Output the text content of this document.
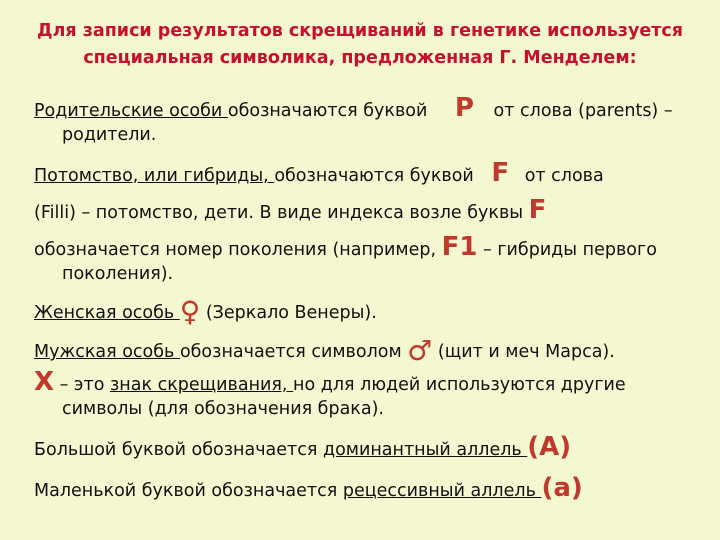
Для записи результатов скрещиваний в генетике используется
специальная символика, предложенная Г. Менделем:
Родительские особи обозначаются буквой P от слова (parents) – родители.
Потомство, или гибриды, обозначаются буквой F от слова
(Filli) – потомство, дети. В виде индекса возле буквы F
обозначается номер поколения (например, F1 – гибриды первого поколения).
Женская особь ♀ (Зеркало Венеры).
Мужская особь обозначается символом ♂ (щит и меч Марса).
Х – это знак скрещивания, но для людей используются другие символы (для обозначения брака).
Большой буквой обозначается доминантный аллель (А)
Маленькой буквой обозначается рецессивный аллель (а)
